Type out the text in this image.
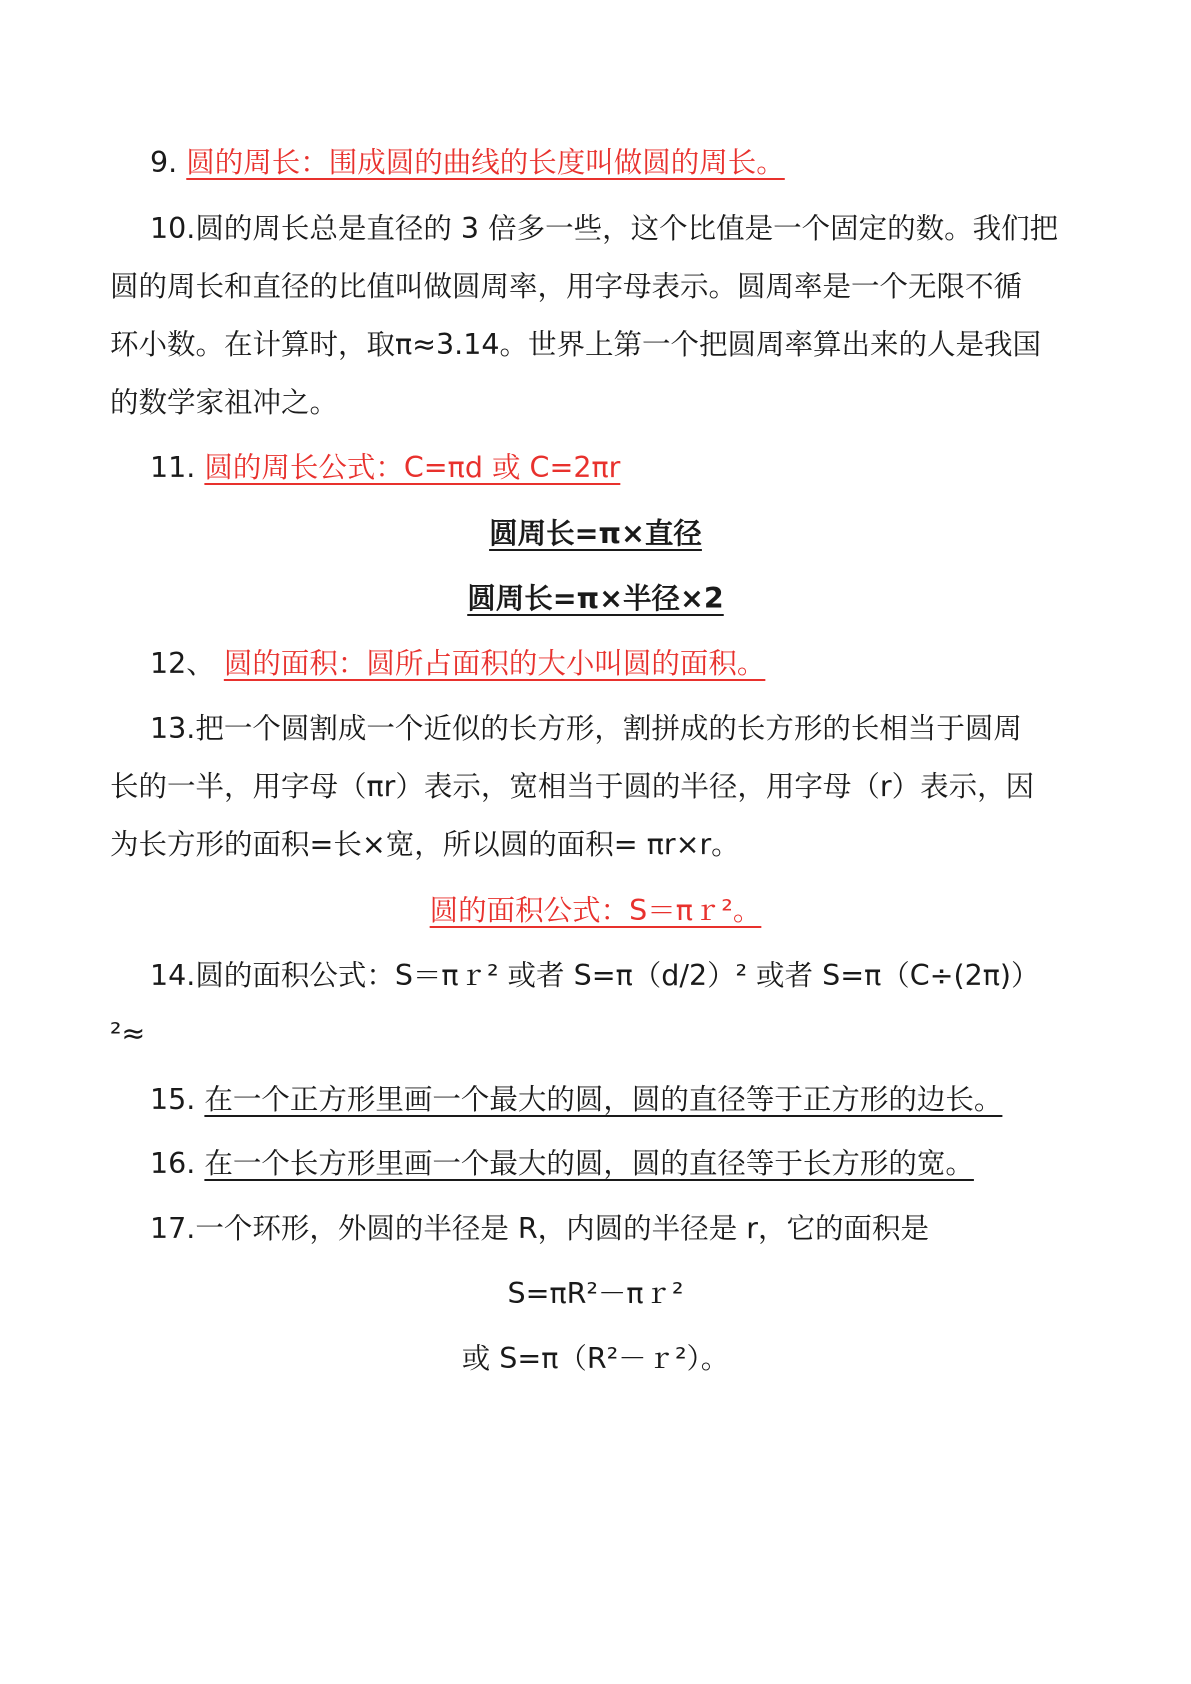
9. 圆的周长：围成圆的曲线的长度叫做圆的周长。
10.圆的周长总是直径的 3 倍多一些，这个比值是一个固定的数。我们把
圆的周长和直径的比值叫做圆周率，用字母表示。圆周率是一个无限不循
环小数。在计算时，取π≈3.14。世界上第一个把圆周率算出来的人是我国
的数学家祖冲之。
11. 圆的周长公式：C=πd 或 C=2πr
圆周长=π×直径
圆周长=π×半径×2
12、 圆的面积：圆所占面积的大小叫圆的面积。
13.把一个圆割成一个近似的长方形，割拼成的长方形的长相当于圆周
长的一半，用字母（πr）表示，宽相当于圆的半径，用字母（r）表示，因
为长方形的面积=长×宽，所以圆的面积= πr×r。
圆的面积公式：S＝πｒ²。
14.圆的面积公式：S＝πｒ² 或者 S=π（d/2）² 或者 S=π（C÷(2π)）
²≈
15. 在一个正方形里画一个最大的圆，圆的直径等于正方形的边长。
16. 在一个长方形里画一个最大的圆，圆的直径等于长方形的宽。
17.一个环形，外圆的半径是 R，内圆的半径是 r，它的面积是
S=πR²－πｒ²
或 S=π（R²－ｒ²）。
